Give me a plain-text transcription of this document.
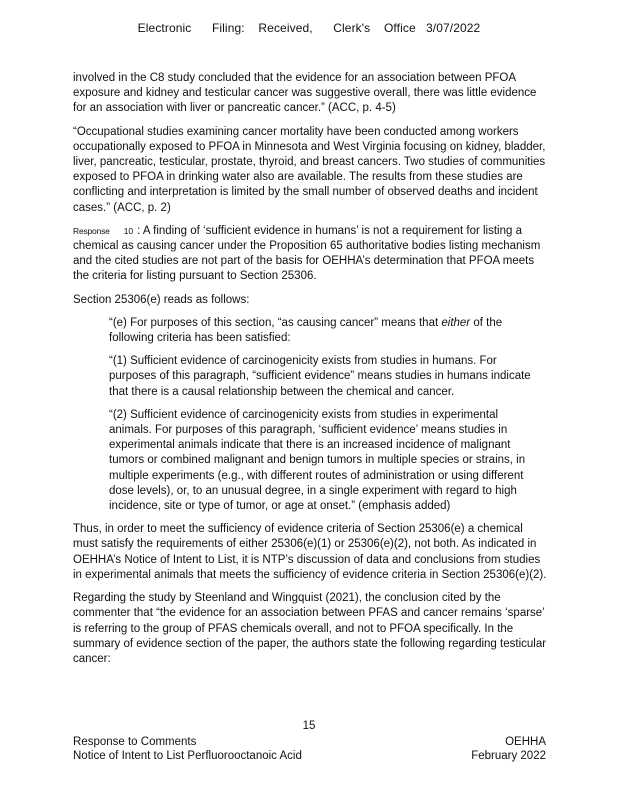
Electronic      Filing:    Received,      Clerk's    Office   3/07/2022

involved in the C8 study concluded that the evidence for an association between PFOA exposure and kidney and testicular cancer was suggestive overall, there was little evidence for an association with liver or pancreatic cancer.” (ACC, p. 4-5)

“Occupational studies examining cancer mortality have been conducted among workers occupationally exposed to PFOA in Minnesota and West Virginia focusing on kidney, bladder, liver, pancreatic, testicular, prostate, thyroid, and breast cancers. Two studies of communities exposed to PFOA in drinking water also are available. The results from these studies are conflicting and interpretation is limited by the small number of observed deaths and incident cases.” (ACC, p. 2)

Response 10 : A finding of ‘sufficient evidence in humans’ is not a requirement for listing a chemical as causing cancer under the Proposition 65 authoritative bodies listing mechanism and the cited studies are not part of the basis for OEHHA’s determination that PFOA meets the criteria for listing pursuant to Section 25306.

Section 25306(e) reads as follows:

“(e) For purposes of this section, “as causing cancer” means that either of the following criteria has been satisfied:

“(1) Sufficient evidence of carcinogenicity exists from studies in humans. For purposes of this paragraph, “sufficient evidence” means studies in humans indicate that there is a causal relationship between the chemical and cancer.

“(2) Sufficient evidence of carcinogenicity exists from studies in experimental animals. For purposes of this paragraph, ‘sufficient evidence’ means studies in experimental animals indicate that there is an increased incidence of malignant tumors or combined malignant and benign tumors in multiple species or strains, in multiple experiments (e.g., with different routes of administration or using different dose levels), or, to an unusual degree, in a single experiment with regard to high incidence, site or type of tumor, or age at onset.” (emphasis added)

Thus, in order to meet the sufficiency of evidence criteria of Section 25306(e) a chemical must satisfy the requirements of either 25306(e)(1) or 25306(e)(2), not both. As indicated in OEHHA’s Notice of Intent to List, it is NTP’s discussion of data and conclusions from studies in experimental animals that meets the sufficiency of evidence criteria in Section 25306(e)(2).

Regarding the study by Steenland and Wingquist (2021), the conclusion cited by the commenter that “the evidence for an association between PFAS and cancer remains ‘sparse’ is referring to the group of PFAS chemicals overall, and not to PFOA specifically. In the summary of evidence section of the paper, the authors state the following regarding testicular cancer:

15
Response to Comments
Notice of Intent to List Perfluorooctanoic Acid
OEHHA
February 2022
